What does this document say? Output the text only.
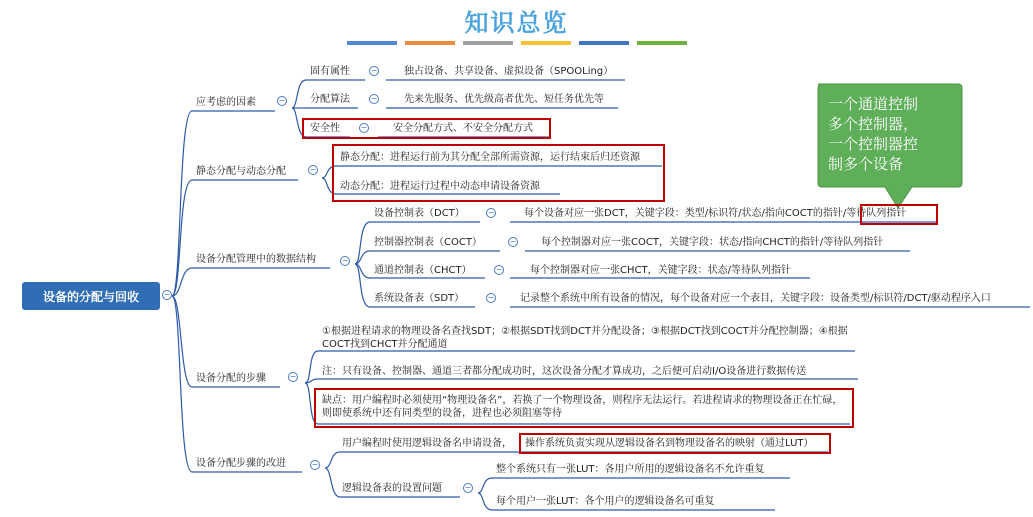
知识总览
一个通道控制
多个控制器，
一个控制器控
制多个设备
设备的分配与回收	−
应考虑的因素	−
静态分配与动态分配	−
设备分配管理中的数据结构	−
设备分配的步骤	−
设备分配步骤的改进	−
固有属性	−	独占设备、共享设备、虚拟设备（SPOOLing）
分配算法	−	先来先服务、优先级高者优先、短任务优先等
安全性	−	安全分配方式、不安全分配方式
静态分配：进程运行前为其分配全部所需资源，运行结束后归还资源
动态分配：进程运行过程中动态申请设备资源
设备控制表（DCT）	−	每个设备对应一张DCT，关键字段：类型/标识符/状态/指向COCT的指针/等待队列指针
控制器控制表（COCT）	− 每个控制器对应一张COCT，关键字段：状态/指向CHCT的指针/等待队列指针
通道控制表（CHCT）	−	每个控制器对应一张CHCT，关键字段：状态/等待队列指针
系统设备表（SDT）	−	记录整个系统中所有设备的情况，每个设备对应一个表目，关键字段：设备类型/标识符/DCT/驱动程序入口
①根据进程请求的物理设备名查找SDT；②根据SDT找到DCT并分配设备；③根据DCT找到COCT并分配控制器；④根据COCT找到CHCT并分配通道
注：只有设备、控制器、通道三者都分配成功时，这次设备分配才算成功，之后便可启动I/O设备进行数据传送
缺点：用户编程时必须使用“物理设备名”，若换了一个物理设备，则程序无法运行。若进程请求的物理设备正在忙碌，则即使系统中还有同类型的设备，进程也必须阻塞等待
用户编程时使用逻辑设备名申请设备， 操作系统负责实现从逻辑设备名到物理设备名的映射（通过LUT）
逻辑设备表的设置问题	−
整个系统只有一张LUT：各用户所用的逻辑设备名不允许重复
每个用户一张LUT：各个用户的逻辑设备名可重复
